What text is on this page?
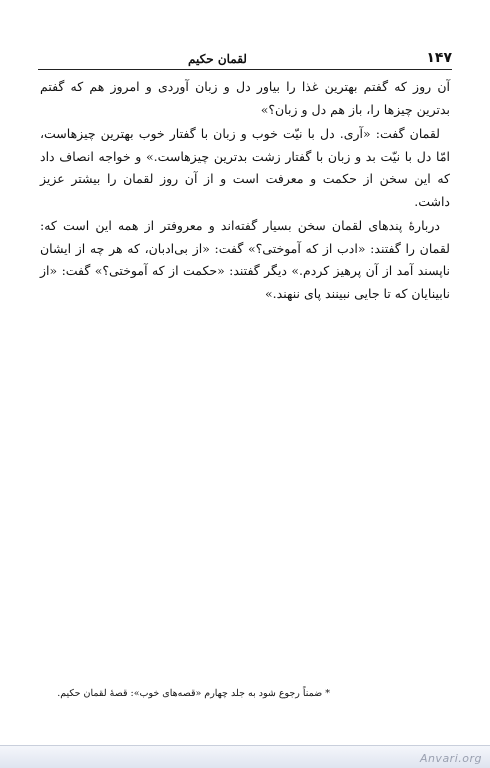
۱۴۷
لقمان حکیم

آن روز که گفتم بهترین غذا را بیاور دل و زبان آوردی و امروز هم که گفتم بدترین چیزها را، باز هم دل و زبان؟»

لقمان گفت: «آری. دل با نیّت خوب و زبان با گفتار خوب بهترین چیزهاست، امّا دل با نیّت بد و زبان با گفتار زشت بدترین چیزهاست.» و خواجه انصاف داد که این سخن از حکمت و معرفت است و از آن روز لقمان را بیشتر عزیز داشت.

دربارهٔ پندهای لقمان سخن بسیار گفته‌اند و معروفتر از همه این است که: لقمان را گفتند: «ادب از که آموختی؟» گفت: «از بی‌ادبان، که هر چه از ایشان ناپسند آمد از آن پرهیز کردم.» دیگر گفتند: «حکمت از که آموختی؟» گفت: «از نابینایان که تا جایی نبینند پای ننهند.»

* ضمناً رجوع شود به جلد چهارم «قصه‌های خوب»: قصهٔ لقمان حکیم.
Anvari.org
